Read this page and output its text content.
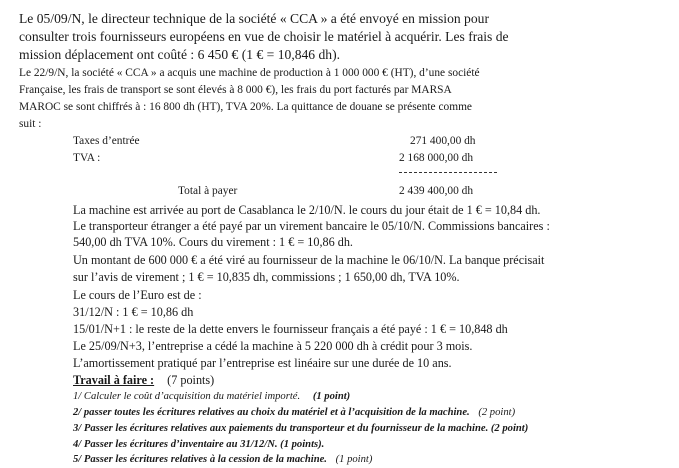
Le 05/09/N, le directeur technique de la société « CCA » a été envoyé en mission pour
consulter trois fournisseurs européens en vue de choisir le matériel à acquérir. Les frais de
mission déplacement ont coûté : 6 450 € (1 € = 10,846 dh).
Le 22/9/N, la société « CCA » a acquis une machine de production à 1 000 000 € (HT), d’une société
Française, les frais de transport se sont élevés à 8 000 €), les frais du port facturés par MARSA
MAROC se sont chiffrés à : 16 800 dh (HT), TVA 20%. La quittance de douane se présente comme
suit :
Taxes d’entrée	271 400,00 dh
TVA :	2 168 000,00 dh
Total à payer	2 439 400,00 dh
La machine est arrivée au port de Casablanca le 2/10/N. le cours du jour était de 1 € = 10,84 dh.
Le transporteur étranger a été payé par un virement bancaire le 05/10/N. Commissions bancaires :
540,00 dh TVA 10%. Cours du virement : 1 € = 10,86 dh.
Un montant de 600 000 € a été viré au fournisseur de la machine le 06/10/N. La banque précisait
sur l’avis de virement ; 1 € = 10,835 dh, commissions ; 1 650,00 dh, TVA 10%.
Le cours de l’Euro est de :
31/12/N : 1 € = 10,86 dh
15/01/N+1 : le reste de la dette envers le fournisseur français a été payé : 1 € = 10,848 dh
Le 25/09/N+3, l’entreprise a cédé la machine à 5 220 000 dh à crédit pour 3 mois.
L’amortissement pratiqué par l’entreprise est linéaire sur une durée de 10 ans.
Travail à faire : (7 points)
1/ Calculer le coût d’acquisition du matériel importé. (1 point)
2/ passer toutes les écritures relatives au choix du matériel et à l’acquisition de la machine. (2 point)
3/ Passer les écritures relatives aux paiements du transporteur et du fournisseur de la machine. (2 point)
4/ Passer les écritures d’inventaire au 31/12/N. (1 points).
5/ Passer les écritures relatives à la cession de la machine. (1 point)
